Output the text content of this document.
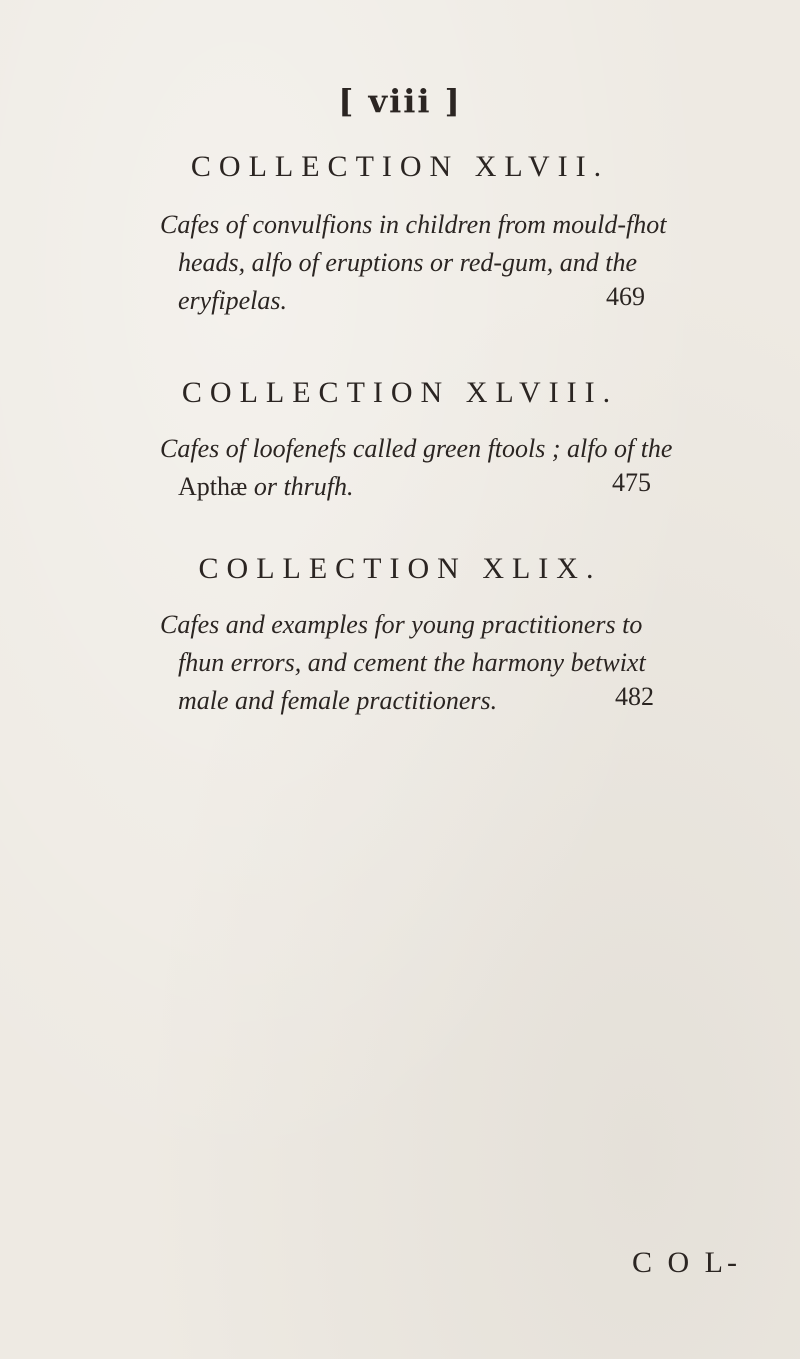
[ viii ]
COLLECTION XLVII.
Cafes of convulfions in children from mould-fhot
heads, alfo of eruptions or red-gum, and the
eryfipelas.	469
COLLECTION XLVIII.
Cafes of loofenefs called green ftools ; alfo of the
Apthæ or thrufh.	475
COLLECTION XLIX.
Cafes and examples for young practitioners to
fhun errors, and cement the harmony betwixt
male and female practitioners.	482
C O L-
